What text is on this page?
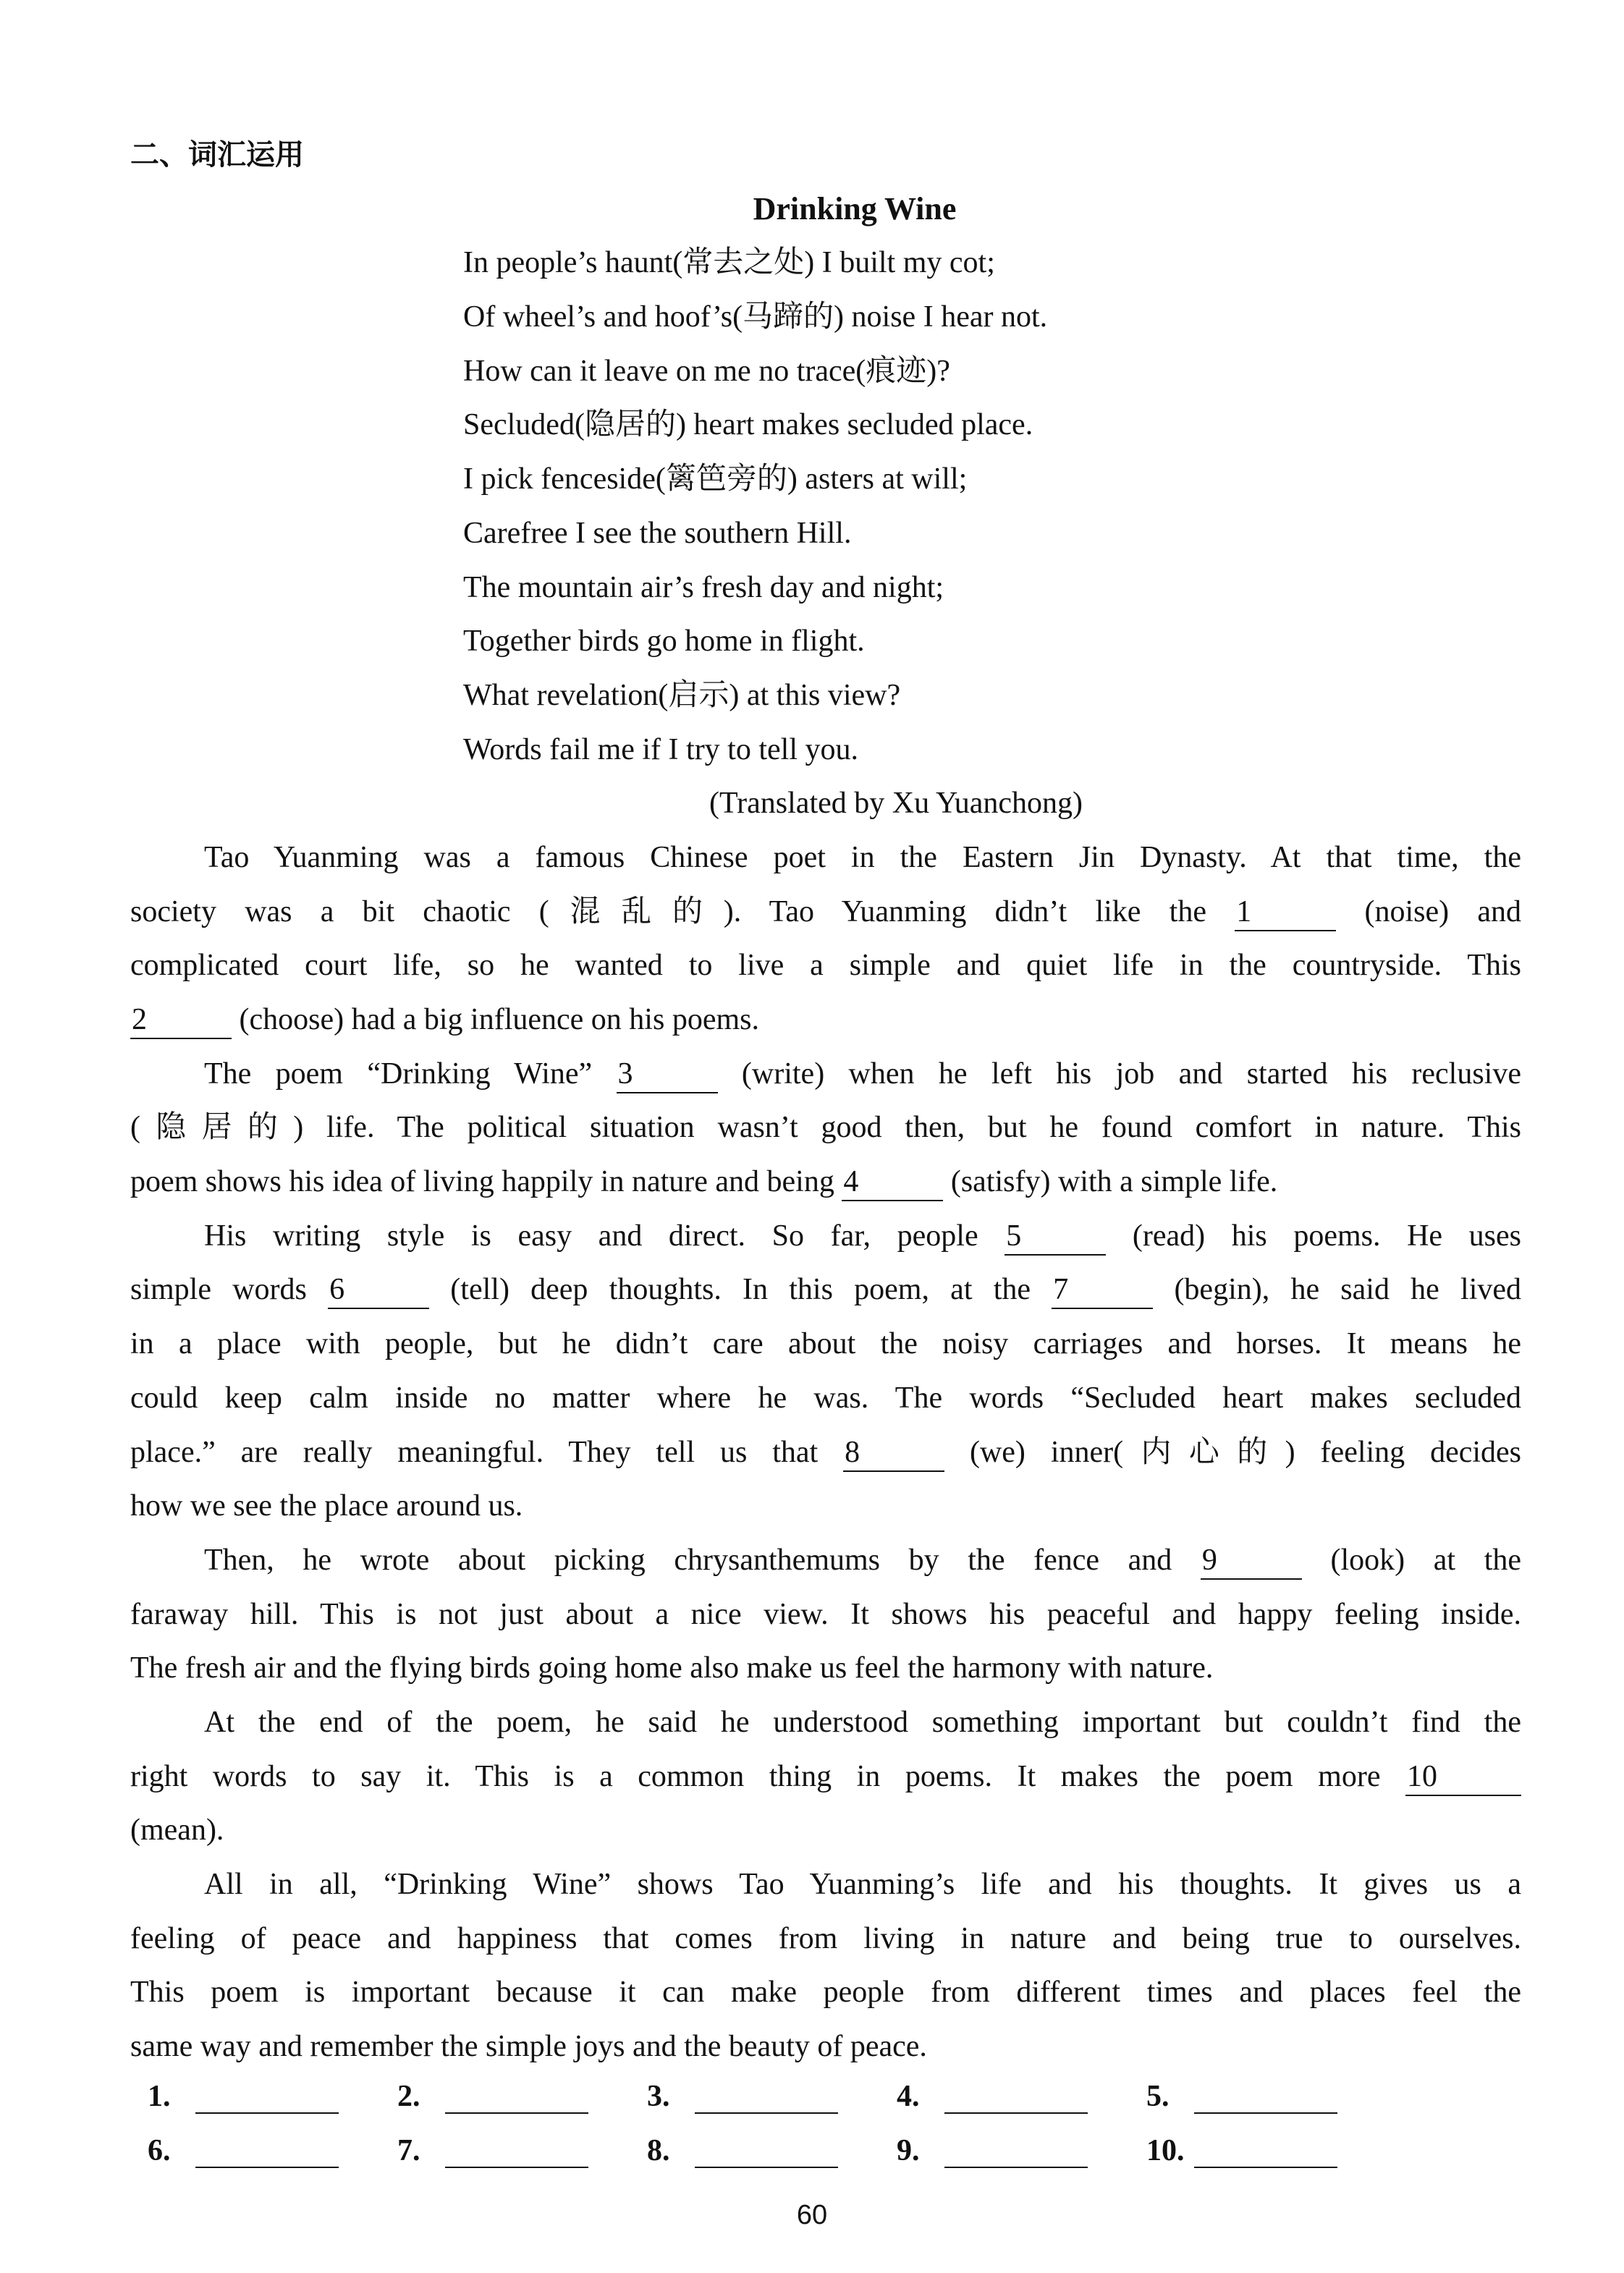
二、词汇运用
Drinking Wine
In people’s haunt(常去之处) I built my cot;
Of wheel’s and hoof’s(马蹄的) noise I hear not.
How can it leave on me no trace(痕迹)?
Secluded(隐居的) heart makes secluded place.
I pick fenceside(篱笆旁的) asters at will;
Carefree I see the southern Hill.
The mountain air’s fresh day and night;
Together birds go home in flight.
What revelation(启示) at this view?
Words fail me if I try to tell you.
(Translated by Xu Yuanchong)
Tao Yuanming was a famous Chinese poet in the Eastern Jin Dynasty. At that time, the
society was a bit chaotic (混乱的). Tao Yuanming didn’t like the 1	(noise) and
complicated court life, so he wanted to live a simple and quiet life in the countryside. This
2	(choose) had a big influence on his poems.
The poem “Drinking Wine” 3	(write) when he left his job and started his reclusive
(隐居的) life. The political situation wasn’t good then, but he found comfort in nature. This
poem shows his idea of living happily in nature and being 4	(satisfy) with a simple life.
His writing style is easy and direct. So far, people 5	(read) his poems. He uses
simple words 6	(tell) deep thoughts. In this poem, at the 7	(begin), he said he lived
in a place with people, but he didn’t care about the noisy carriages and horses. It means he
could keep calm inside no matter where he was. The words “Secluded heart makes secluded
place.” are really meaningful. They tell us that 8	(we) inner(内心的) feeling decides
how we see the place around us.
Then, he wrote about picking chrysanthemums by the fence and 9	(look) at the
faraway hill. This is not just about a nice view. It shows his peaceful and happy feeling inside.
The fresh air and the flying birds going home also make us feel the harmony with nature.
At the end of the poem, he said he understood something important but couldn’t find the
right words to say it. This is a common thing in poems. It makes the poem more 10
(mean).
All in all, “Drinking Wine” shows Tao Yuanming’s life and his thoughts. It gives us a
feeling of peace and happiness that comes from living in nature and being true to ourselves.
This poem is important because it can make people from different times and places feel the
same way and remember the simple joys and the beauty of peace.
1.	2.	3.	4.	5.
6.	7.	8.	9.	10.
60
